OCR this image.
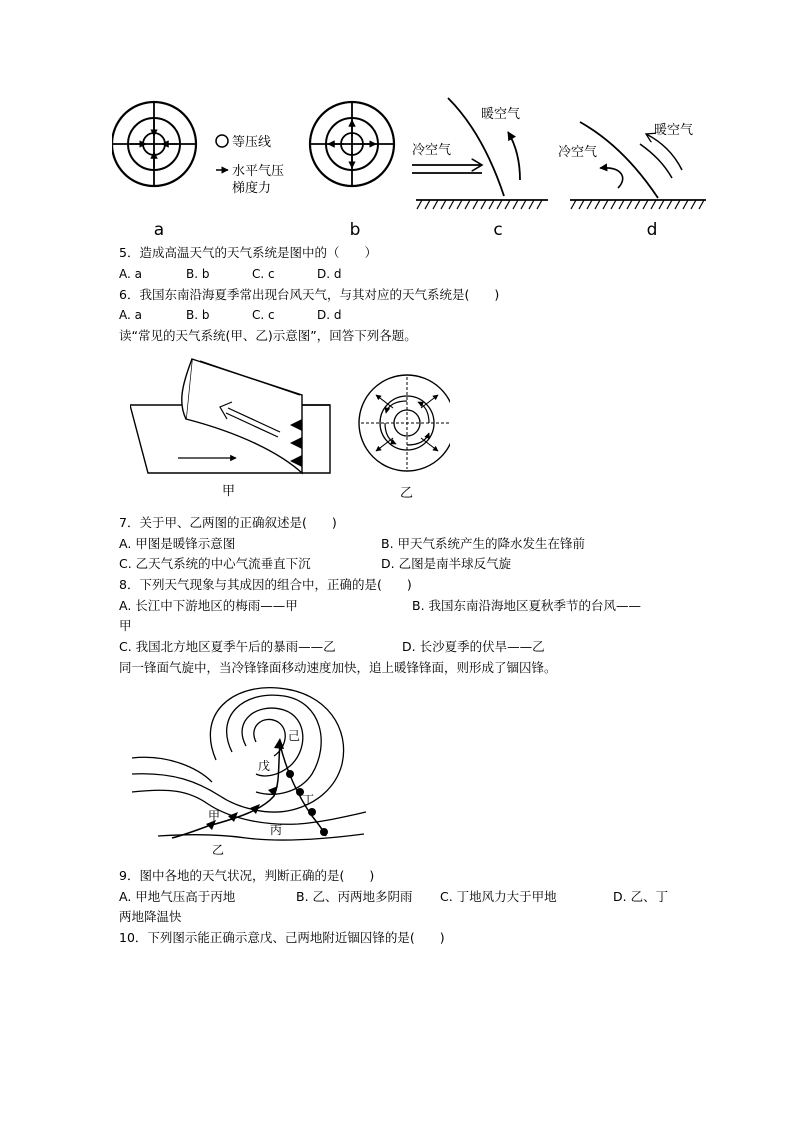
等压线
水平气压
梯度力
冷空气
暖空气
冷空气
暖空气
a	b	c	d
5．造成高温天气的天气系统是图中的（　　）
A. a	B. b	C. c	D. d
6．我国东南沿海夏季常出现台风天气，与其对应的天气系统是(　　)
A. a	B. b	C. c	D. d
读“常见的天气系统(甲、乙)示意图”，回答下列各题。
甲	乙
7．关于甲、乙两图的正确叙述是(　　)
A. 甲图是暖锋示意图	B. 甲天气系统产生的降水发生在锋前
C. 乙天气系统的中心气流垂直下沉	D. 乙图是南半球反气旋
8．下列天气现象与其成因的组合中，正确的是(　　)
A. 长江中下游地区的梅雨——甲	B. 我国东南沿海地区夏秋季节的台风——
甲
C. 我国北方地区夏季午后的暴雨——乙	D. 长沙夏季的伏旱——乙
同一锋面气旋中，当冷锋锋面移动速度加快，追上暖锋锋面，则形成了锢囚锋。
己
戊
丁
甲
丙
乙
9．图中各地的天气状况，判断正确的是(　　)
A. 甲地气压高于丙地	B. 乙、丙两地多阴雨 C. 丁地风力大于甲地	D. 乙、丁
两地降温快
10．下列图示能正确示意戊、己两地附近锢囚锋的是(　　)
